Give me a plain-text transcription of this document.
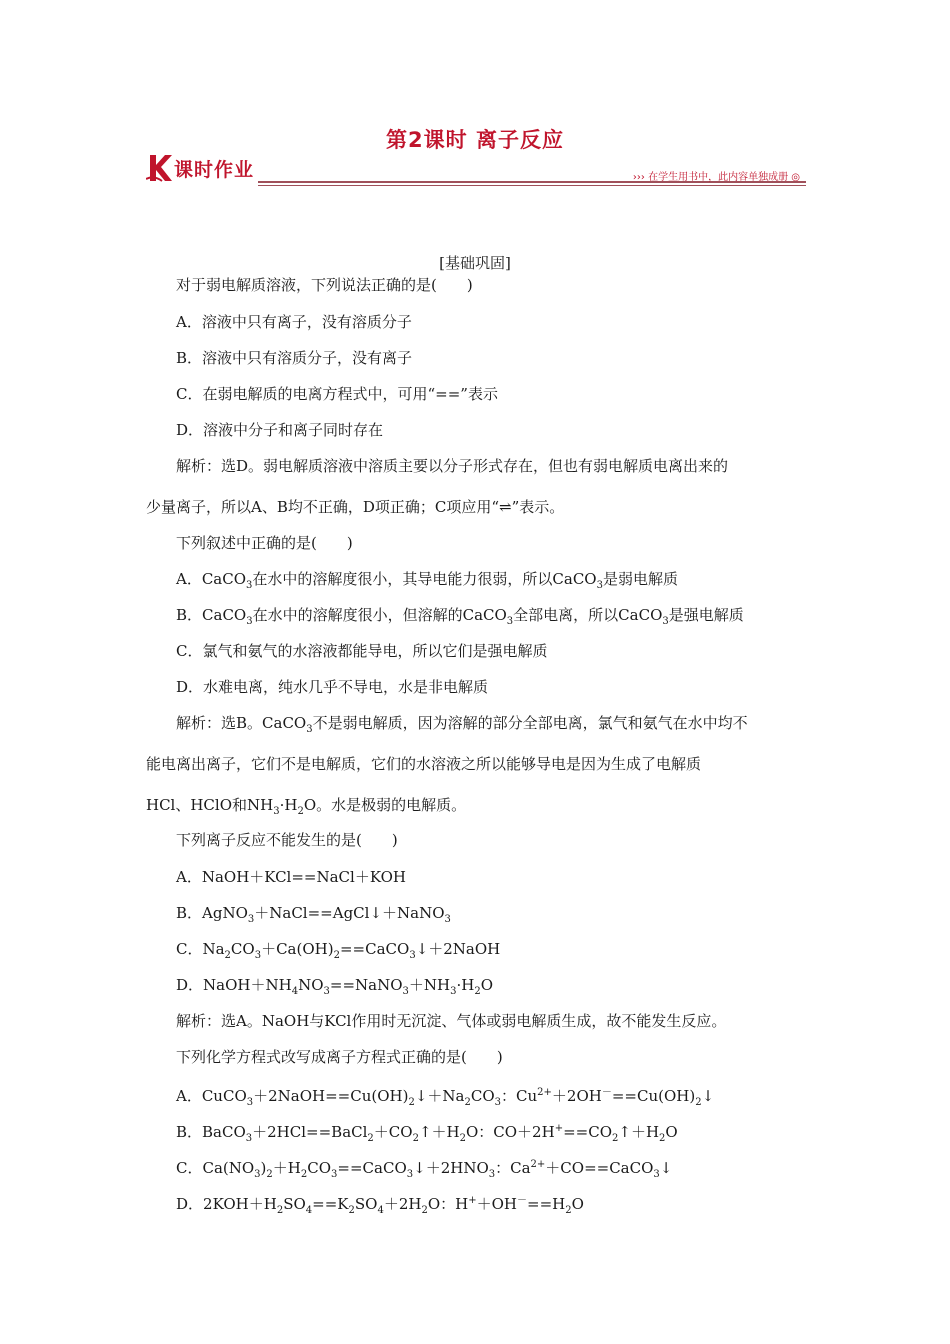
第2课时 离子反应
课时作业	››› 在学生用书中，此内容单独成册 ◎
[基础巩固]
对于弱电解质溶液，下列说法正确的是(　　)
A．溶液中只有离子，没有溶质分子
B．溶液中只有溶质分子，没有离子
C．在弱电解质的电离方程式中，可用“==”表示
D．溶液中分子和离子同时存在
解析：选D。弱电解质溶液中溶质主要以分子形式存在，但也有弱电解质电离出来的
少量离子，所以A、B均不正确，D项正确；C项应用“⇌”表示。
下列叙述中正确的是(　　)
A．CaCO$_3$在水中的溶解度很小，其导电能力很弱，所以CaCO$_3$是弱电解质
B．CaCO$_3$在水中的溶解度很小，但溶解的CaCO$_3$全部电离，所以CaCO$_3$是强电解质
C．氯气和氨气的水溶液都能导电，所以它们是强电解质
D．水难电离，纯水几乎不导电，水是非电解质
解析：选B。CaCO$_3$不是弱电解质，因为溶解的部分全部电离，氯气和氨气在水中均不
能电离出离子，它们不是电解质，它们的水溶液之所以能够导电是因为生成了电解质
HCl、HClO和$NH_3\cdot H_2O$。水是极弱的电解质。
下列离子反应不能发生的是(　　)
A．NaOH＋KCl==NaCl＋KOH
B．AgNO$_3$＋NaCl==AgCl↓＋NaNO$_3$
C．$Na_2CO_3+Ca(OH)_2==CaCO_3↓+2NaOH$
D．$NaOH+NH_4NO_3==NaNO_3+NH_3\cdot H_2O$
解析：选A。NaOH与KCl作用时无沉淀、气体或弱电解质生成，故不能发生反应。
下列化学方程式改写成离子方程式正确的是(　　)
A．$CuCO_3+2NaOH==Cu(OH)_2↓+Na_2CO_3$：$Cu^{2+}+2OH^-==Cu(OH)_2↓$
B．$BaCO_3+2HCl==BaCl_2+CO_2↑+H_2O$：$CO+2H^+==CO_2↑+H_2O$
C．$Ca(NO_3)_2+H_2CO_3==CaCO_3↓+2HNO_3$：$Ca^{2+}+CO==CaCO_3↓$
D．$2KOH+H_2SO_4==K_2SO_4+2H_2O$：$H^++OH^-==H_2O$
